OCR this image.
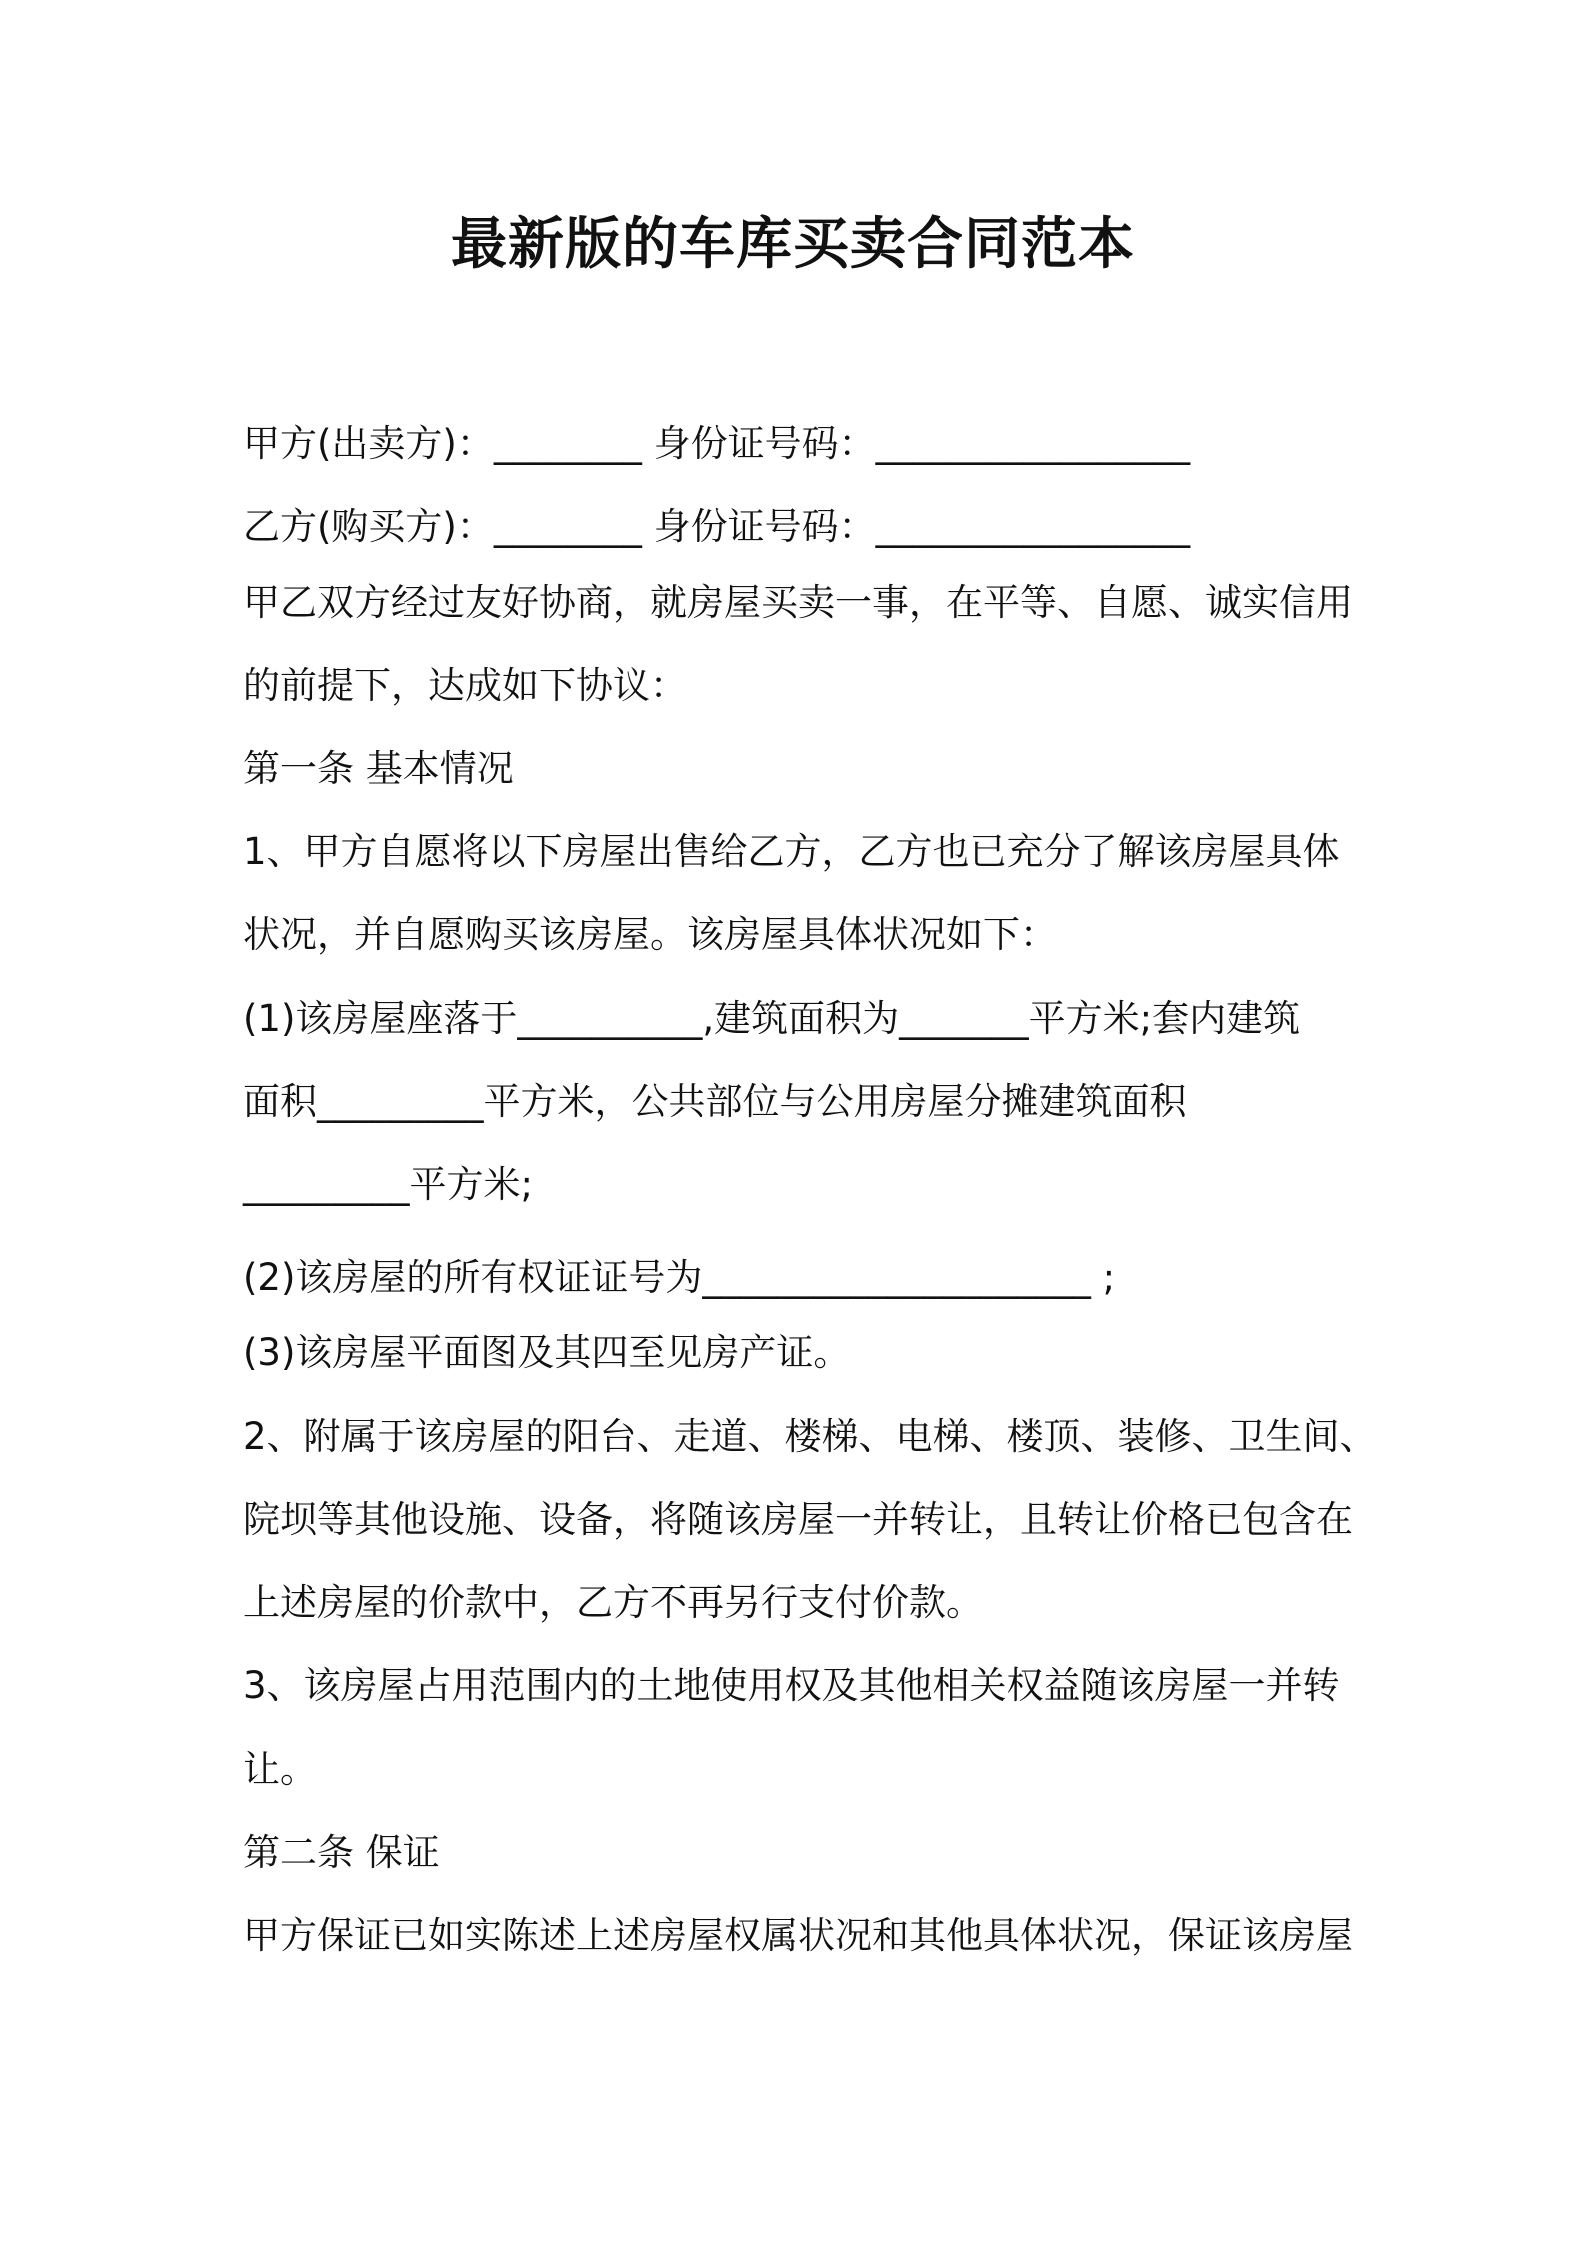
最新版的车库买卖合同范本
甲方(出卖方)：________ 身份证号码：_________________
乙方(购买方)：________ 身份证号码：_________________
甲乙双方经过友好协商，就房屋买卖一事，在平等、自愿、诚实信用
的前提下，达成如下协议：
第一条 基本情况
1、甲方自愿将以下房屋出售给乙方，乙方也已充分了解该房屋具体
状况，并自愿购买该房屋。该房屋具体状况如下：
(1)该房屋座落于__________,建筑面积为_______平方米;套内建筑
面积_________平方米，公共部位与公用房屋分摊建筑面积
_________平方米;
(2)该房屋的所有权证证号为_____________________ ;
(3)该房屋平面图及其四至见房产证。
2、附属于该房屋的阳台、走道、楼梯、电梯、楼顶、装修、卫生间、
院坝等其他设施、设备，将随该房屋一并转让，且转让价格已包含在
上述房屋的价款中，乙方不再另行支付价款。
3、该房屋占用范围内的土地使用权及其他相关权益随该房屋一并转
让。
第二条 保证
甲方保证已如实陈述上述房屋权属状况和其他具体状况，保证该房屋
